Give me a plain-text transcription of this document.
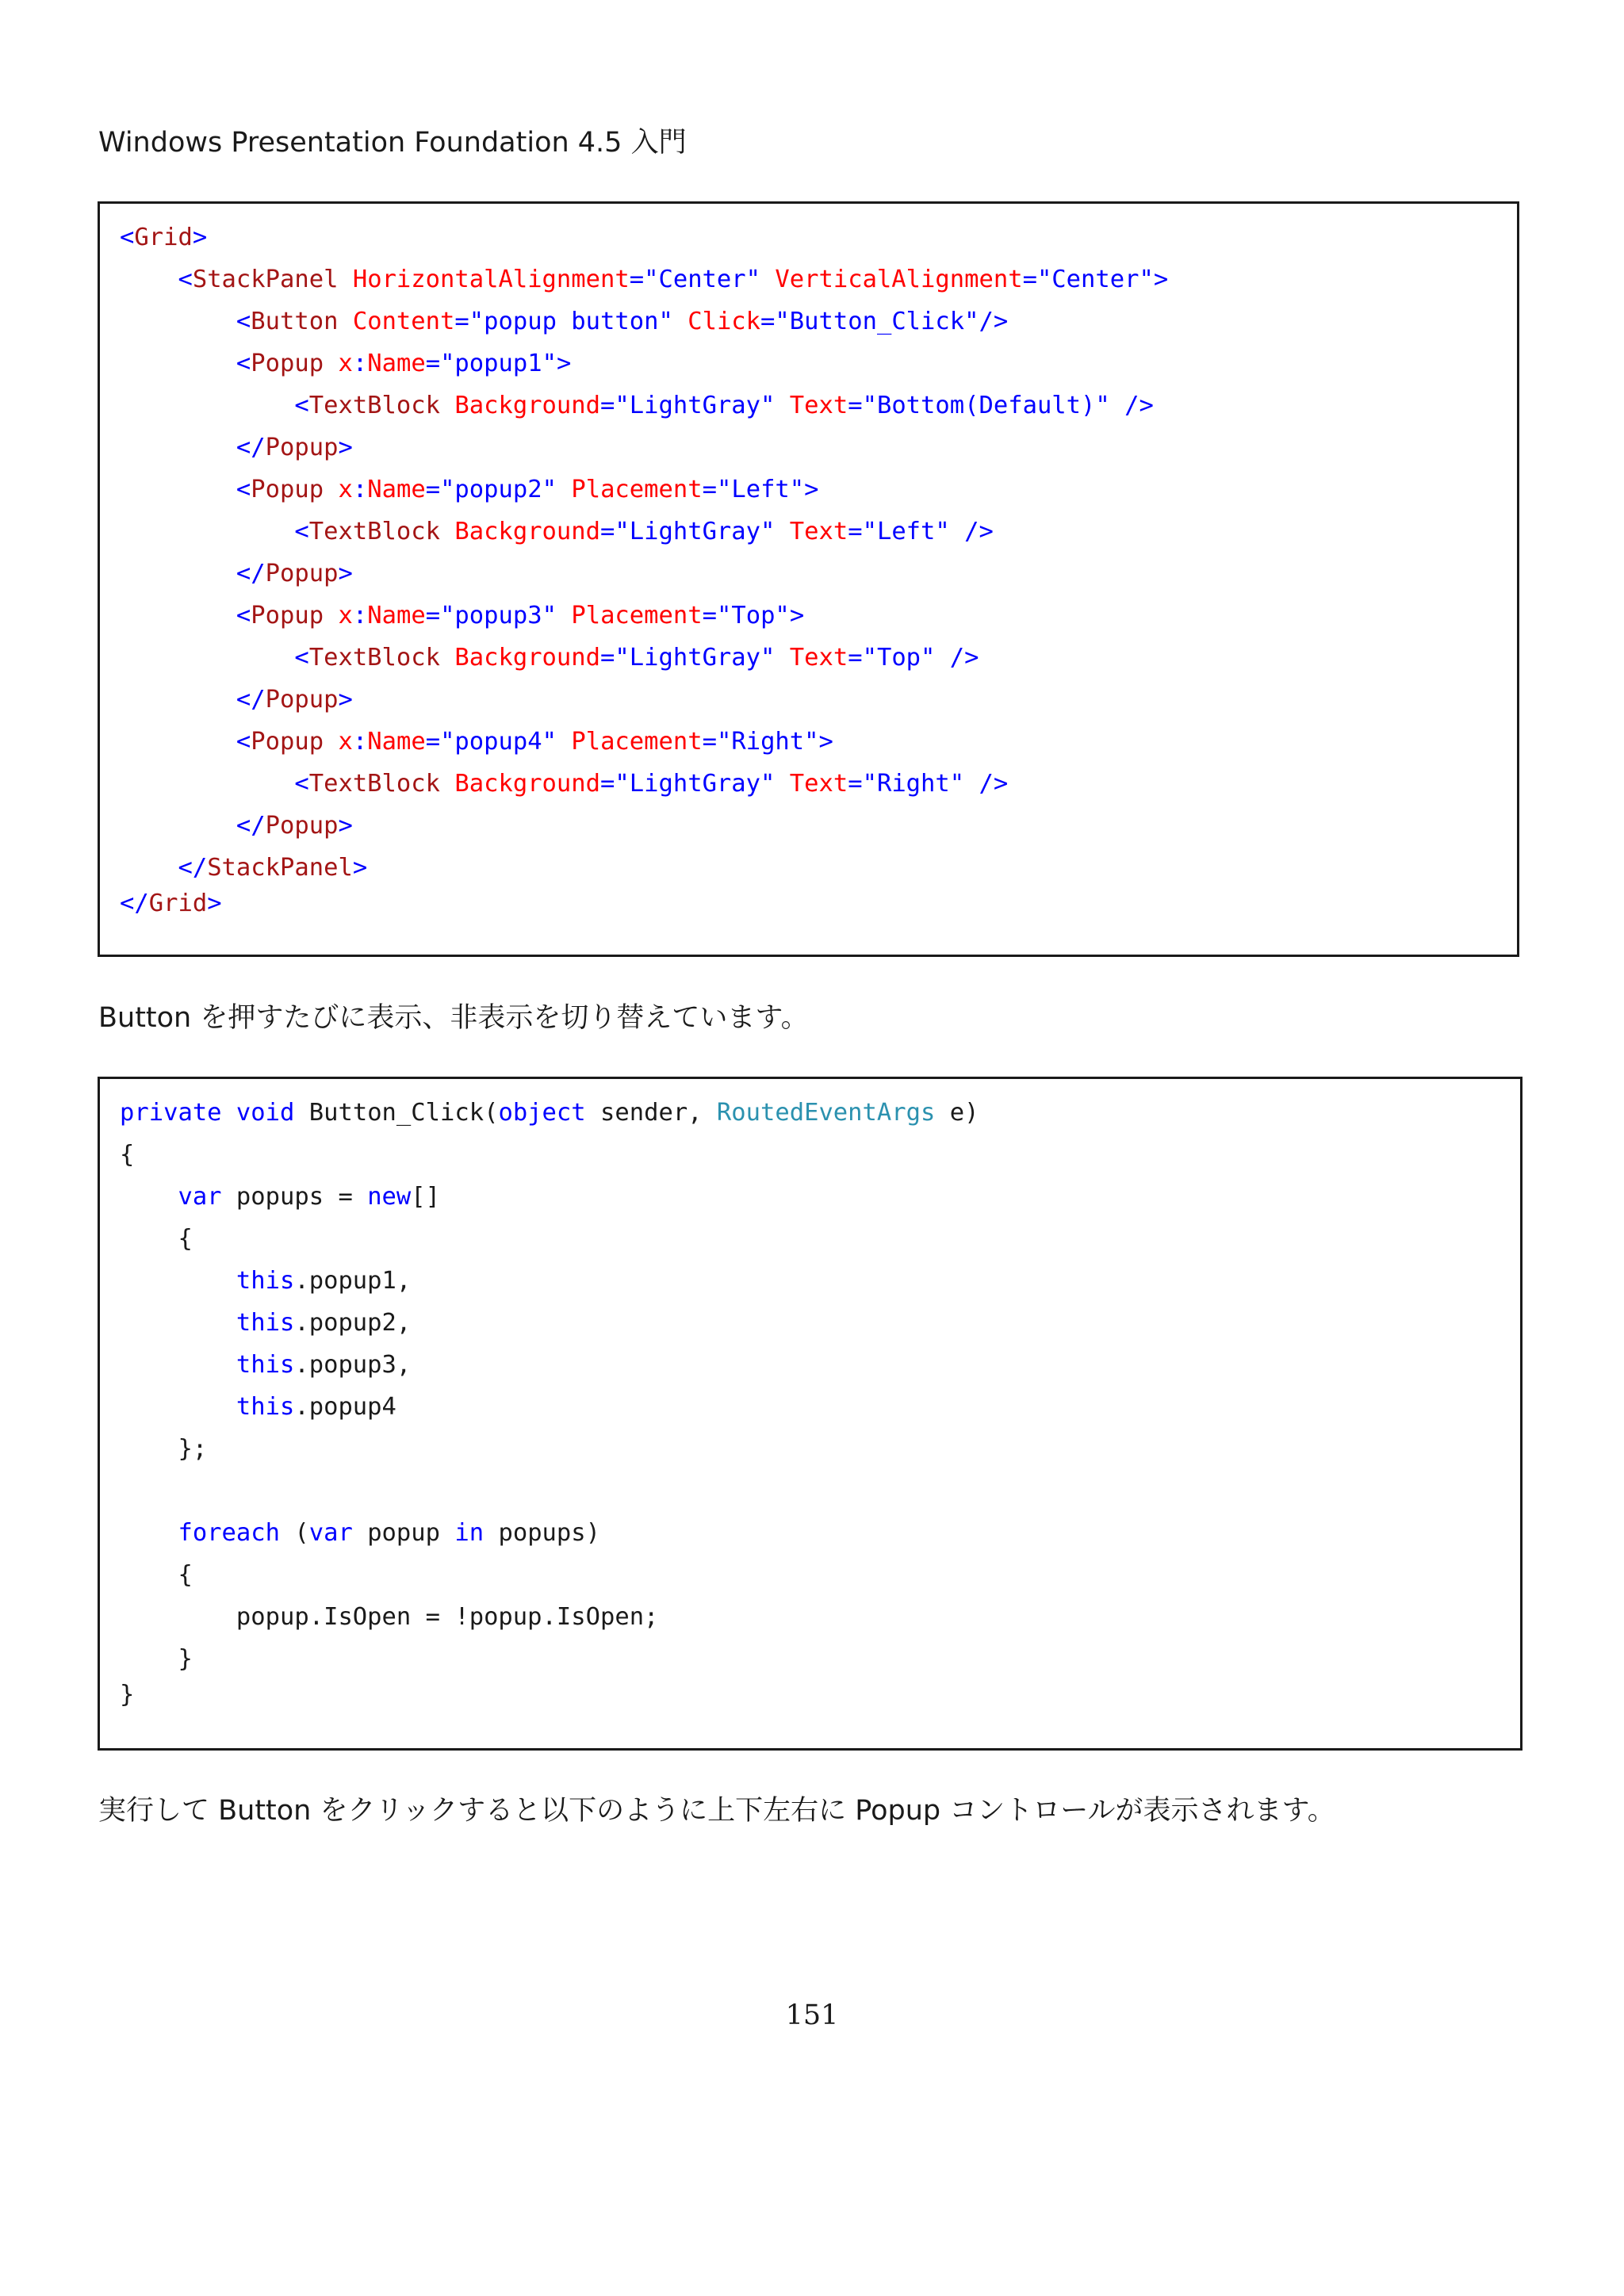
Windows Presentation Foundation 4.5 入門
<Grid>
<StackPanel HorizontalAlignment="Center" VerticalAlignment="Center">
<Button Content="popup button" Click="Button_Click"/>
<Popup x:Name="popup1">
<TextBlock Background="LightGray" Text="Bottom(Default)" />
</Popup>
<Popup x:Name="popup2" Placement="Left">
<TextBlock Background="LightGray" Text="Left" />
</Popup>
<Popup x:Name="popup3" Placement="Top">
<TextBlock Background="LightGray" Text="Top" />
</Popup>
<Popup x:Name="popup4" Placement="Right">
<TextBlock Background="LightGray" Text="Right" />
</Popup>
</StackPanel>
</Grid>
Button を押すたびに表示、非表示を切り替えています。
private void Button_Click(object sender, RoutedEventArgs e)
{
var popups = new[]
{
this.popup1,
this.popup2,
this.popup3,
this.popup4
};
foreach (var popup in popups)
{
popup.IsOpen = !popup.IsOpen;
}
}
実行して Button をクリックすると以下のように上下左右に Popup コントロールが表示されます。
151
